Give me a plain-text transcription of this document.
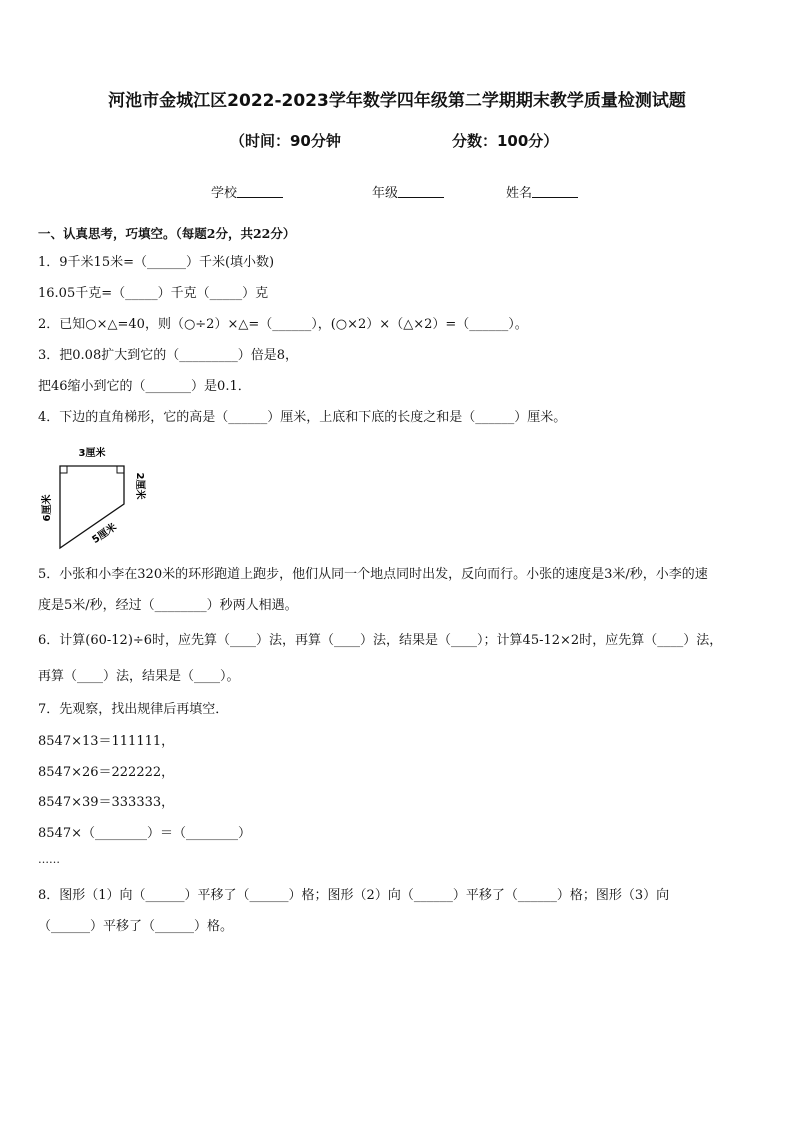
河池市金城江区2022-2023学年数学四年级第二学期期末教学质量检测试题
（时间：90分钟	分数：100分）
学校	年级	姓名
一、认真思考，巧填空。（每题2分，共22分）
1．9千米15米=（______）千米(填小数)
16.05千克=（_____）千克（_____）克
2．已知○×△=40，则（○÷2）×△=（______），(○×2）×（△×2）=（______）。
3．把0.08扩大到它的（_________）倍是8，
把46缩小到它的（_______）是0.1．
4．下边的直角梯形，它的高是（______）厘米，上底和下底的长度之和是（______）厘米。
3厘米
6厘米
2厘米
5厘米
5．小张和小李在320米的环形跑道上跑步，他们从同一个地点同时出发，反向而行。小张的速度是3米/秒，小李的速
度是5米/秒，经过（________）秒两人相遇。
6．计算(60-12)÷6时，应先算（____）法，再算（____）法，结果是（____）；计算45-12×2时，应先算（____）法，
再算（____）法，结果是（____）。
7．先观察，找出规律后再填空．
8547×13＝111111，
8547×26＝222222，
8547×39＝333333，
8547×（________）＝（________）
……
8．图形（1）向（______）平移了（______）格；图形（2）向（______）平移了（______）格；图形（3）向
（______）平移了（______）格。
